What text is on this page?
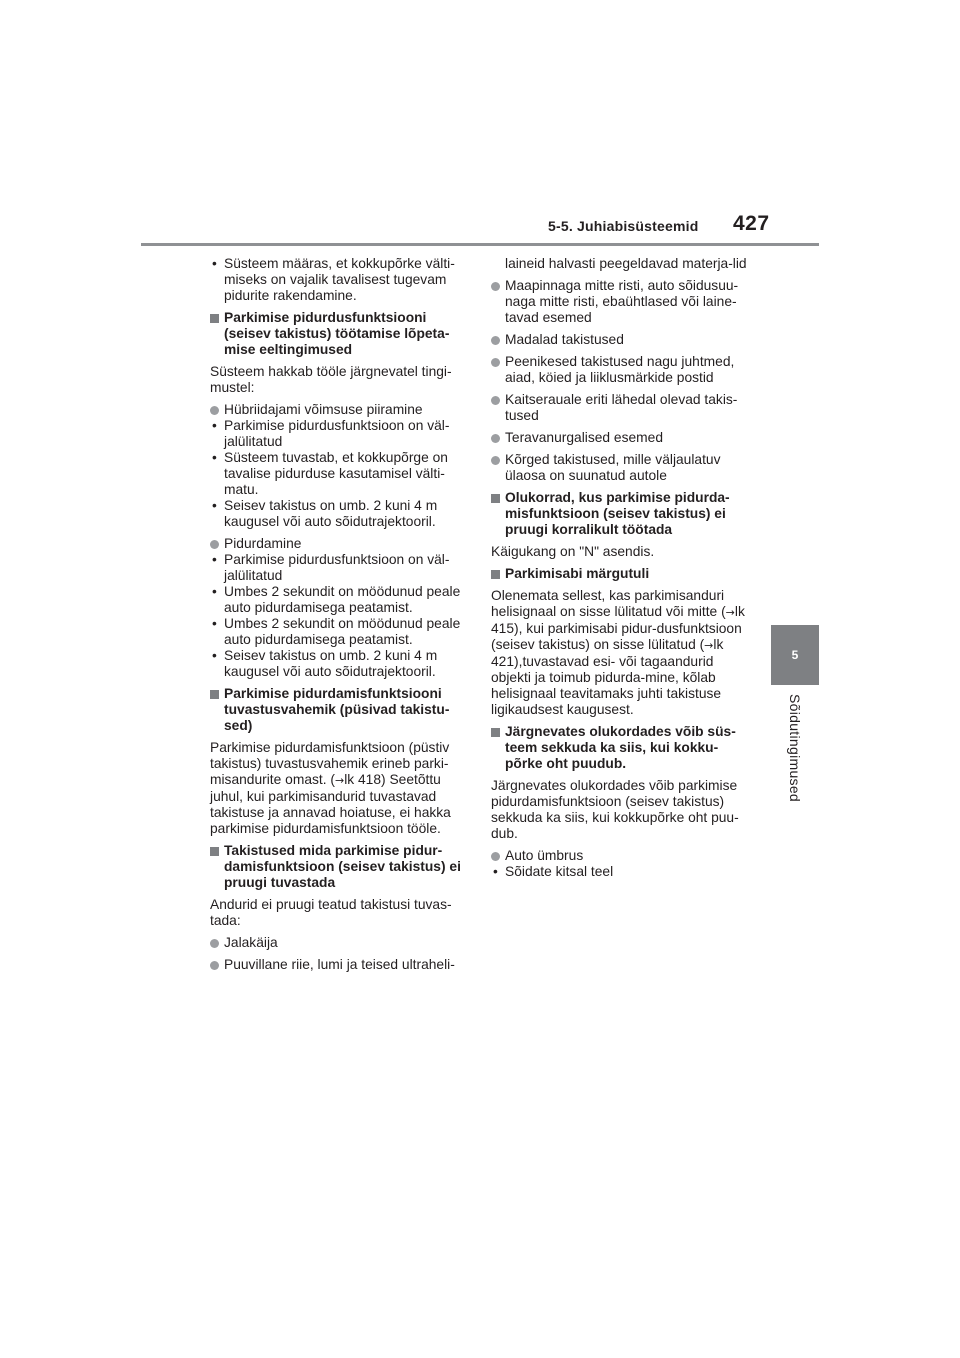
5-5. Juhiabisüsteemid 427
5
Sõidutingimused

• Süsteem määras, et kokkupõrke välti-miseks on vajalik tavalisest tugevam pidurite rakendamine.

Parkimise pidurdusfunktsiooni (seisev takistus) töötamise lõpeta-mise eeltingimused

Süsteem hakkab tööle järgnevatel tingi-mustel:

Hübriidajami võimsuse piiramine

• Parkimise pidurdusfunktsioon on väl-jalülitatud

• Süsteem tuvastab, et kokkupõrge on tavalise pidurduse kasutamisel välti-matu.

• Seisev takistus on umb. 2 kuni 4 m kaugusel või auto sõidutrajektooril.

Pidurdamine

• Parkimise pidurdusfunktsioon on väl-jalülitatud

• Umbes 2 sekundit on möödunud peale auto pidurdamisega peatamist.

• Umbes 2 sekundit on möödunud peale auto pidurdamisega peatamist.

• Seisev takistus on umb. 2 kuni 4 m kaugusel või auto sõidutrajektooril.

Parkimise pidurdamisfunktsiooni tuvastusvahemik (püsivad takistu-sed)

Parkimise pidurdamisfunktsioon (püstiv takistus) tuvastusvahemik erineb parki-misandurite omast. (→lk 418) Seetõttu juhul, kui parkimisandurid tuvastavad takistuse ja annavad hoiatuse, ei hakka parkimise pidurdamisfunktsioon tööle.

Takistused mida parkimise pidur-damisfunktsioon (seisev takistus) ei pruugi tuvastada

Andurid ei pruugi teatud takistusi tuvas-tada:

Jalakäija

Puuvillane riie, lumi ja teised ultraheli-

laineid halvasti peegeldavad materja-lid

Maapinnaga mitte risti, auto sõidusuu-naga mitte risti, ebaühtlased või laine-tavad esemed

Madalad takistused

Peenikesed takistused nagu juhtmed, aiad, köied ja liiklusmärkide postid

Kaitserauale eriti lähedal olevad takis-tused

Teravanurgalised esemed

Kõrged takistused, mille väljaulatuv ülaosa on suunatud autole

Olukorrad, kus parkimise pidurda-misfunktsioon (seisev takistus) ei pruugi korralikult töötada

Käigukang on "N" asendis.

Parkimisabi märgutuli

Olenemata sellest, kas parkimisanduri helisignaal on sisse lülitatud või mitte (→lk 415), kui parkimisabi pidur-dusfunktsioon (seisev takistus) on sisse lülitatud (→lk 421),tuvastavad esi- või tagaandurid objekti ja toimub pidurda-mine, kõlab helisignaal teavitamaks juhti takistuse ligikaudsest kaugusest.

Järgnevates olukordades võib süs-teem sekkuda ka siis, kui kokku-põrke oht puudub.

Järgnevates olukordades võib parkimise pidurdamisfunktsioon (seisev takistus) sekkuda ka siis, kui kokkupõrke oht puu-dub.

Auto ümbrus

• Sõidate kitsal teel
